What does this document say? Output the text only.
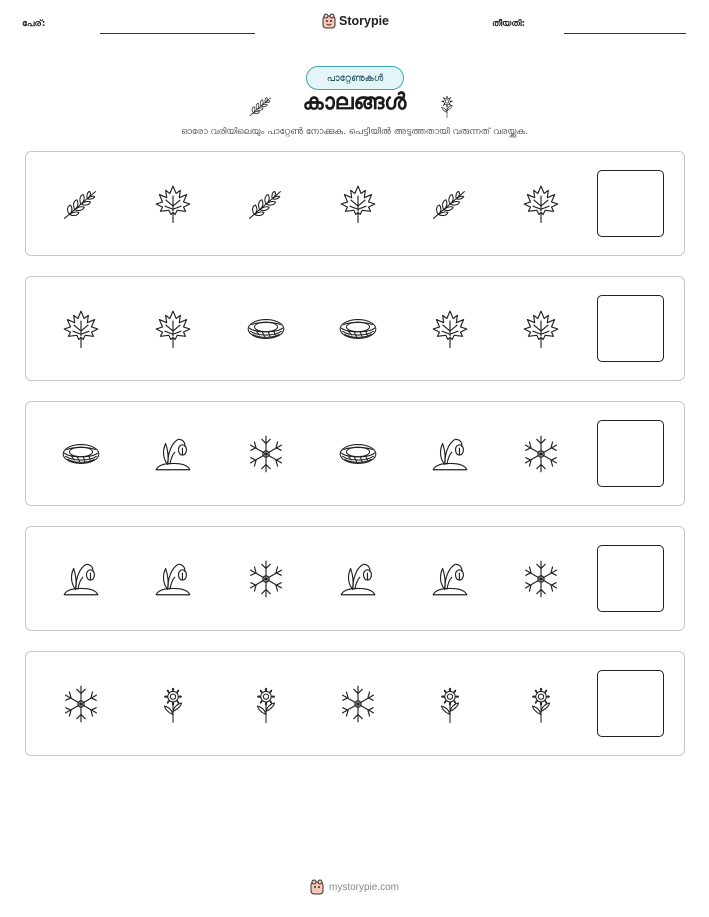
പേര്:	Storypie	തീയതി:
പാറ്റേണുകൾ
കാലങ്ങൾ
ഓരോ വരിയിലെയും പാറ്റേൺ നോക്കുക. പെട്ടിയിൽ അടുത്തതായി വരുന്നത് വരയ്ക്കുക.
mystorypie.com
